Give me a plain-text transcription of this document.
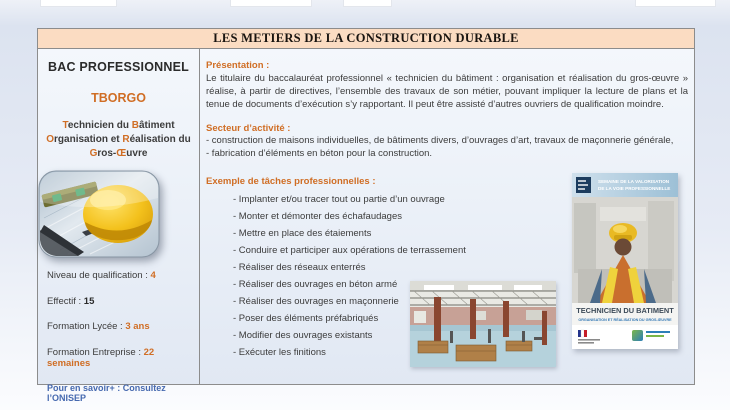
LES METIERS DE LA CONSTRUCTION DURABLE
BAC PROFESSIONNEL
TBORGO

Technicien du Bâtiment

Organisation et Réalisation du

Gros-Œuvre

Niveau de qualification : 4
Effectif : 15
Formation Lycée : 3 ans
Formation Entreprise : 22 semaines
Pour en savoir+ : Consultez l’ONISEP
Présentation :
Le titulaire du baccalauréat professionnel « technicien du bâtiment : organisation et réalisation du gros-œuvre » réalise, à partir de directives, l’ensemble des travaux de son métier, pouvant impliquer la lecture de plans et la tenue de documents d’exécution s’y rapportant. Il peut être assisté d’autres ouvriers de qualification moindre.
Secteur d’activité :
- construction de maisons individuelles, de bâtiments divers, d’ouvrages d’art, travaux de maçonnerie générale,
- fabrication d’éléments en béton pour la construction.
Exemple de tâches professionnelles :
- Implanter et/ou tracer tout ou partie d’un ouvrage
- Monter et démonter des échafaudages
- Mettre en place des étaiements
- Conduire et participer aux opérations de terrassement
- Réaliser des réseaux enterrés
- Réaliser des ouvrages en béton armé
- Réaliser des ouvrages en maçonnerie
- Poser des éléments préfabriqués
- Modifier des ouvrages existants
- Exécuter les finitions
SEMAINE DE LA VALORISATION
DE LA VOIE PROFESSIONNELLE
TECHNICIEN DU BATIMENT
ORGANISATION ET RÉALISATION DU GROS-ŒUVRE
